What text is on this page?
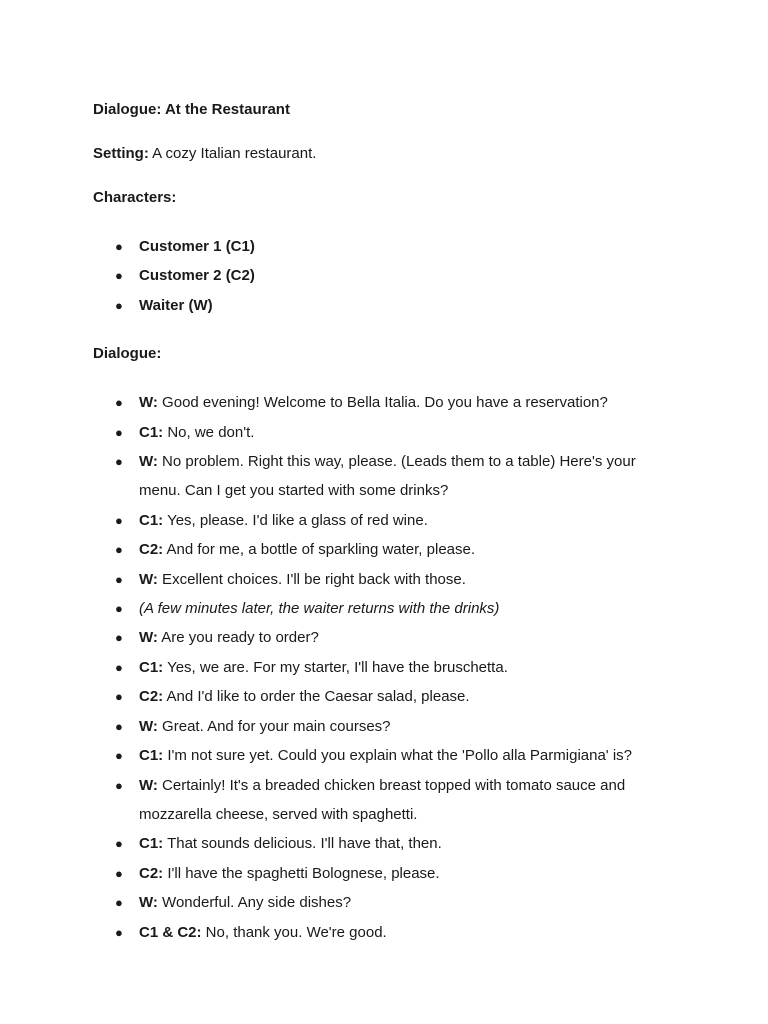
Dialogue: At the Restaurant

Setting: A cozy Italian restaurant.

Characters:

● Customer 1 (C1)
● Customer 2 (C2)
● Waiter (W)

Dialogue:

● W: Good evening! Welcome to Bella Italia. Do you have a reservation?
● C1: No, we don't.
● W: No problem. Right this way, please. (Leads them to a table) Here's your menu. Can I get you started with some drinks?
● C1: Yes, please. I'd like a glass of red wine.
● C2: And for me, a bottle of sparkling water, please.
● W: Excellent choices. I'll be right back with those.
● (A few minutes later, the waiter returns with the drinks)
● W: Are you ready to order?
● C1: Yes, we are. For my starter, I'll have the bruschetta.
● C2: And I'd like to order the Caesar salad, please.
● W: Great. And for your main courses?
● C1: I'm not sure yet. Could you explain what the 'Pollo alla Parmigiana' is?
● W: Certainly! It's a breaded chicken breast topped with tomato sauce and mozzarella cheese, served with spaghetti.
● C1: That sounds delicious. I'll have that, then.
● C2: I'll have the spaghetti Bolognese, please.
● W: Wonderful. Any side dishes?
● C1 & C2: No, thank you. We're good.
